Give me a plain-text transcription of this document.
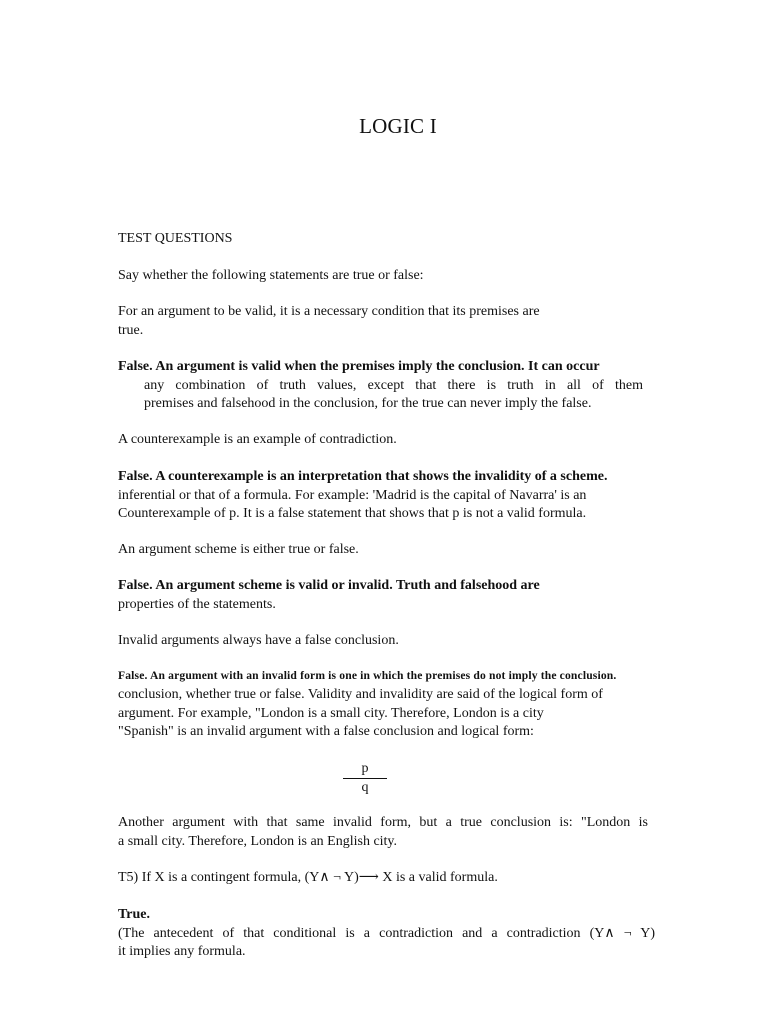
LOGIC I
TEST QUESTIONS
Say whether the following statements are true or false:
For an argument to be valid, it is a necessary condition that its premises are
true.
False. An argument is valid when the premises imply the conclusion. It can occur
any combination of truth values, except that there is truth in all of them
premises and falsehood in the conclusion, for the true can never imply the false.
A counterexample is an example of contradiction.
False. A counterexample is an interpretation that shows the invalidity of a scheme.
inferential or that of a formula. For example: 'Madrid is the capital of Navarra' is an
Counterexample of p. It is a false statement that shows that p is not a valid formula.
An argument scheme is either true or false.
False. An argument scheme is valid or invalid. Truth and falsehood are
properties of the statements.
Invalid arguments always have a false conclusion.
False. An argument with an invalid form is one in which the premises do not imply the conclusion.
conclusion, whether true or false. Validity and invalidity are said of the logical form of
argument. For example, "London is a small city. Therefore, London is a city
"Spanish" is an invalid argument with a false conclusion and logical form:
p
q
Another argument with that same invalid form, but a true conclusion is: "London is
a small city. Therefore, London is an English city.
T5) If X is a contingent formula, (Y∧ ¬ Y)⟶ X is a valid formula.
True.
(The antecedent of that conditional is a contradiction and a contradiction (Y∧ ¬ Y)
it implies any formula.
